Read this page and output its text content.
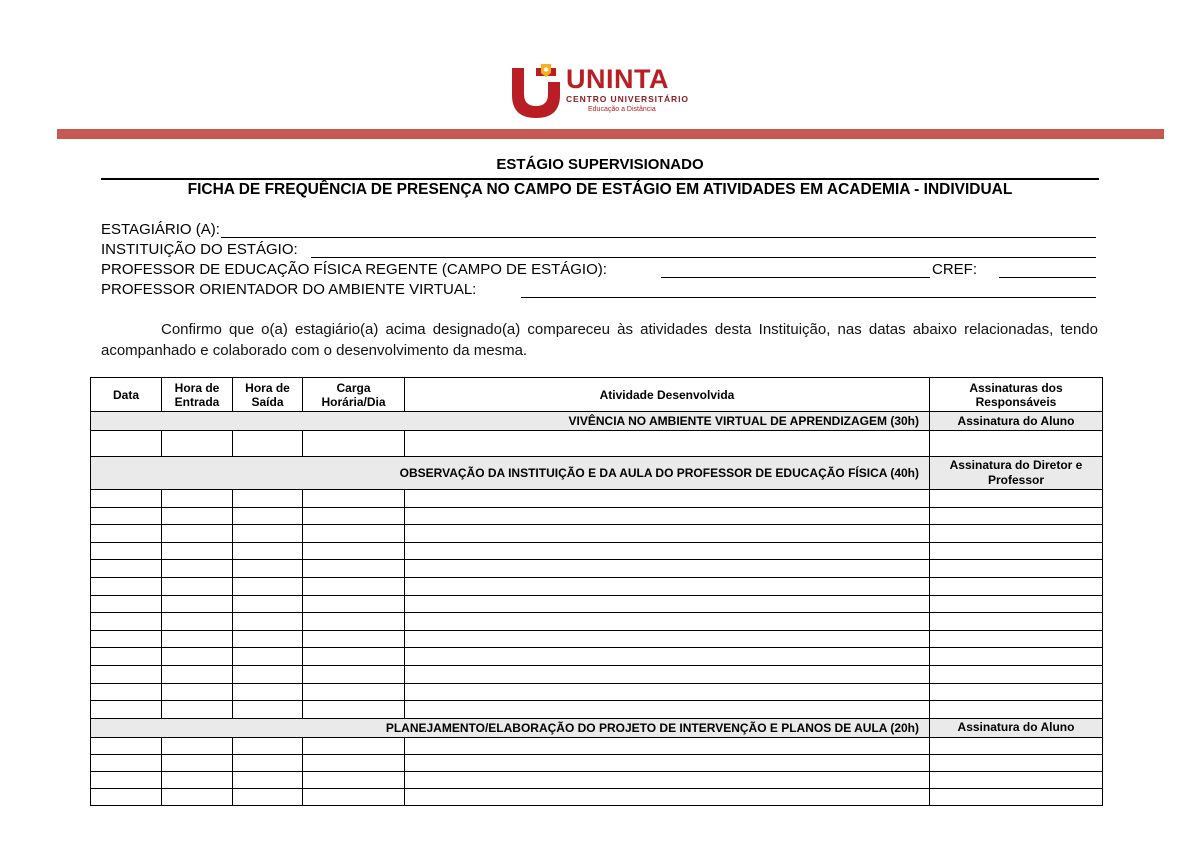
UNINTA
CENTRO UNIVERSITÁRIO
Educação a Distância
ESTÁGIO SUPERVISIONADO
FICHA DE FREQUÊNCIA DE PRESENÇA NO CAMPO DE ESTÁGIO EM ATIVIDADES EM ACADEMIA - INDIVIDUAL
ESTAGIÁRIO (A):
INSTITUIÇÃO DO ESTÁGIO:
PROFESSOR DE EDUCAÇÃO FÍSICA REGENTE (CAMPO DE ESTÁGIO):	CREF:
PROFESSOR ORIENTADOR DO AMBIENTE VIRTUAL:
Confirmo que o(a) estagiário(a) acima designado(a) compareceu às atividades desta Instituição, nas datas abaixo relacionadas, tendo acompanhado e colaborado com o desenvolvimento da mesma.
Data	Hora de Entrada	Hora de Saída	Carga Horária/Dia	Atividade Desenvolvida	Assinaturas dos Responsáveis
VIVÊNCIA NO AMBIENTE VIRTUAL DE APRENDIZAGEM (30h)					Assinatura do Aluno

OBSERVAÇÃO DA INSTITUIÇÃO E DA AULA DO PROFESSOR DE EDUCAÇÃO FÍSICA (40h)					Assinatura do Diretor e Professor

PLANEJAMENTO/ELABORAÇÃO DO PROJETO DE INTERVENÇÃO E PLANOS DE AULA (20h)					Assinatura do Aluno
